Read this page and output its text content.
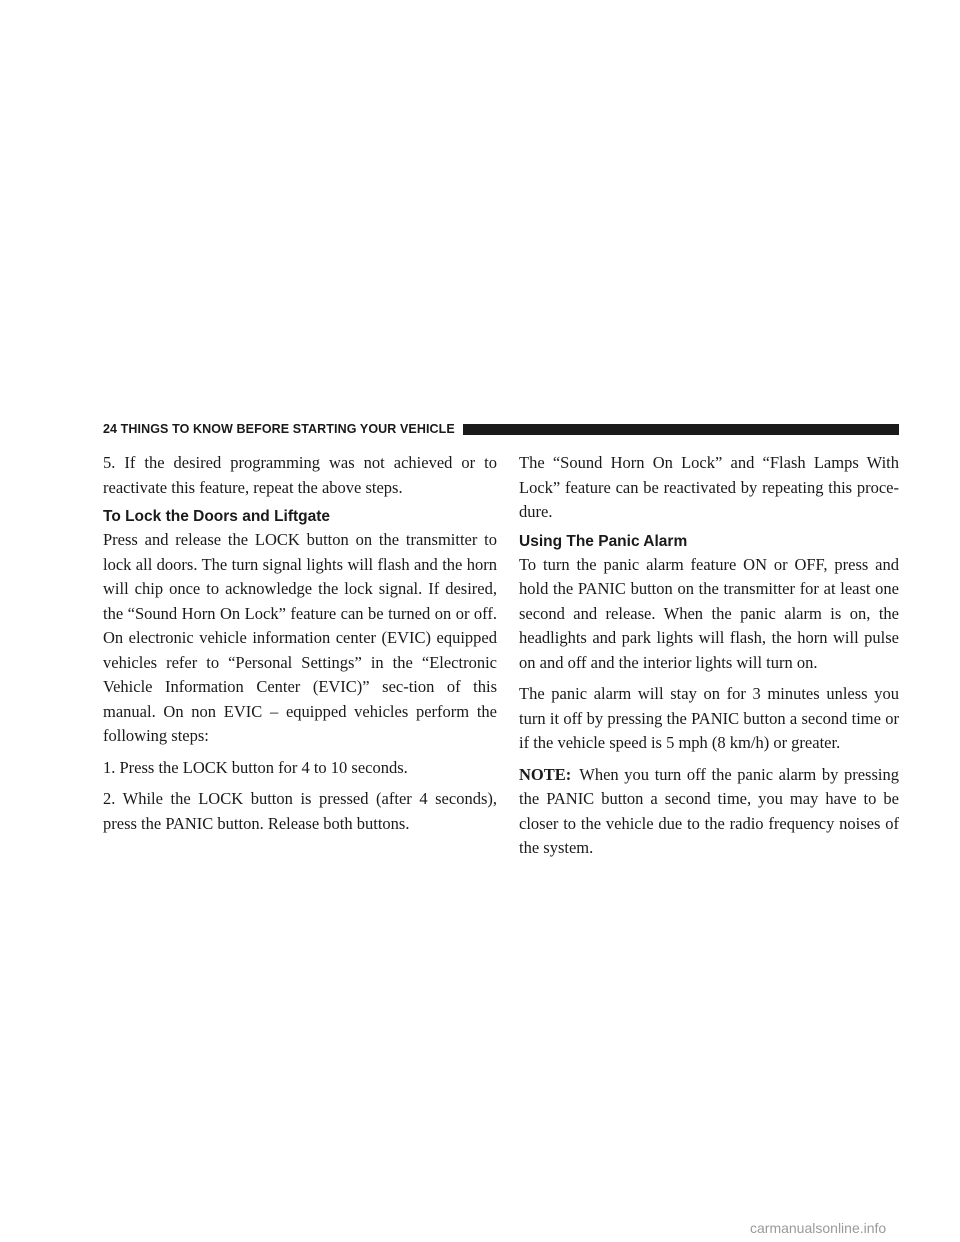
24 THINGS TO KNOW BEFORE STARTING YOUR VEHICLE

5. If the desired programming was not achieved or to reactivate this feature, repeat the above steps.

To Lock the Doors and Liftgate

Press and release the LOCK button on the transmitter to lock all doors. The turn signal lights will flash and the horn will chip once to acknowledge the lock signal. If desired, the “Sound Horn On Lock” feature can be turned on or off. On electronic vehicle information center (EVIC) equipped vehicles refer to “Personal Settings” in the “Electronic Vehicle Information Center (EVIC)” sec-tion of this manual. On non EVIC – equipped vehicles perform the following steps:

1. Press the LOCK button for 4 to 10 seconds.

2. While the LOCK button is pressed (after 4 seconds), press the PANIC button. Release both buttons.

The “Sound Horn On Lock” and “Flash Lamps With Lock” feature can be reactivated by repeating this proce-dure.

Using The Panic Alarm

To turn the panic alarm feature ON or OFF, press and hold the PANIC button on the transmitter for at least one second and release. When the panic alarm is on, the headlights and park lights will flash, the horn will pulse on and off and the interior lights will turn on.

The panic alarm will stay on for 3 minutes unless you turn it off by pressing the PANIC button a second time or if the vehicle speed is 5 mph (8 km/h) or greater.

NOTE: When you turn off the panic alarm by pressing the PANIC button a second time, you may have to be closer to the vehicle due to the radio frequency noises of the system.

carmanualsonline.info
